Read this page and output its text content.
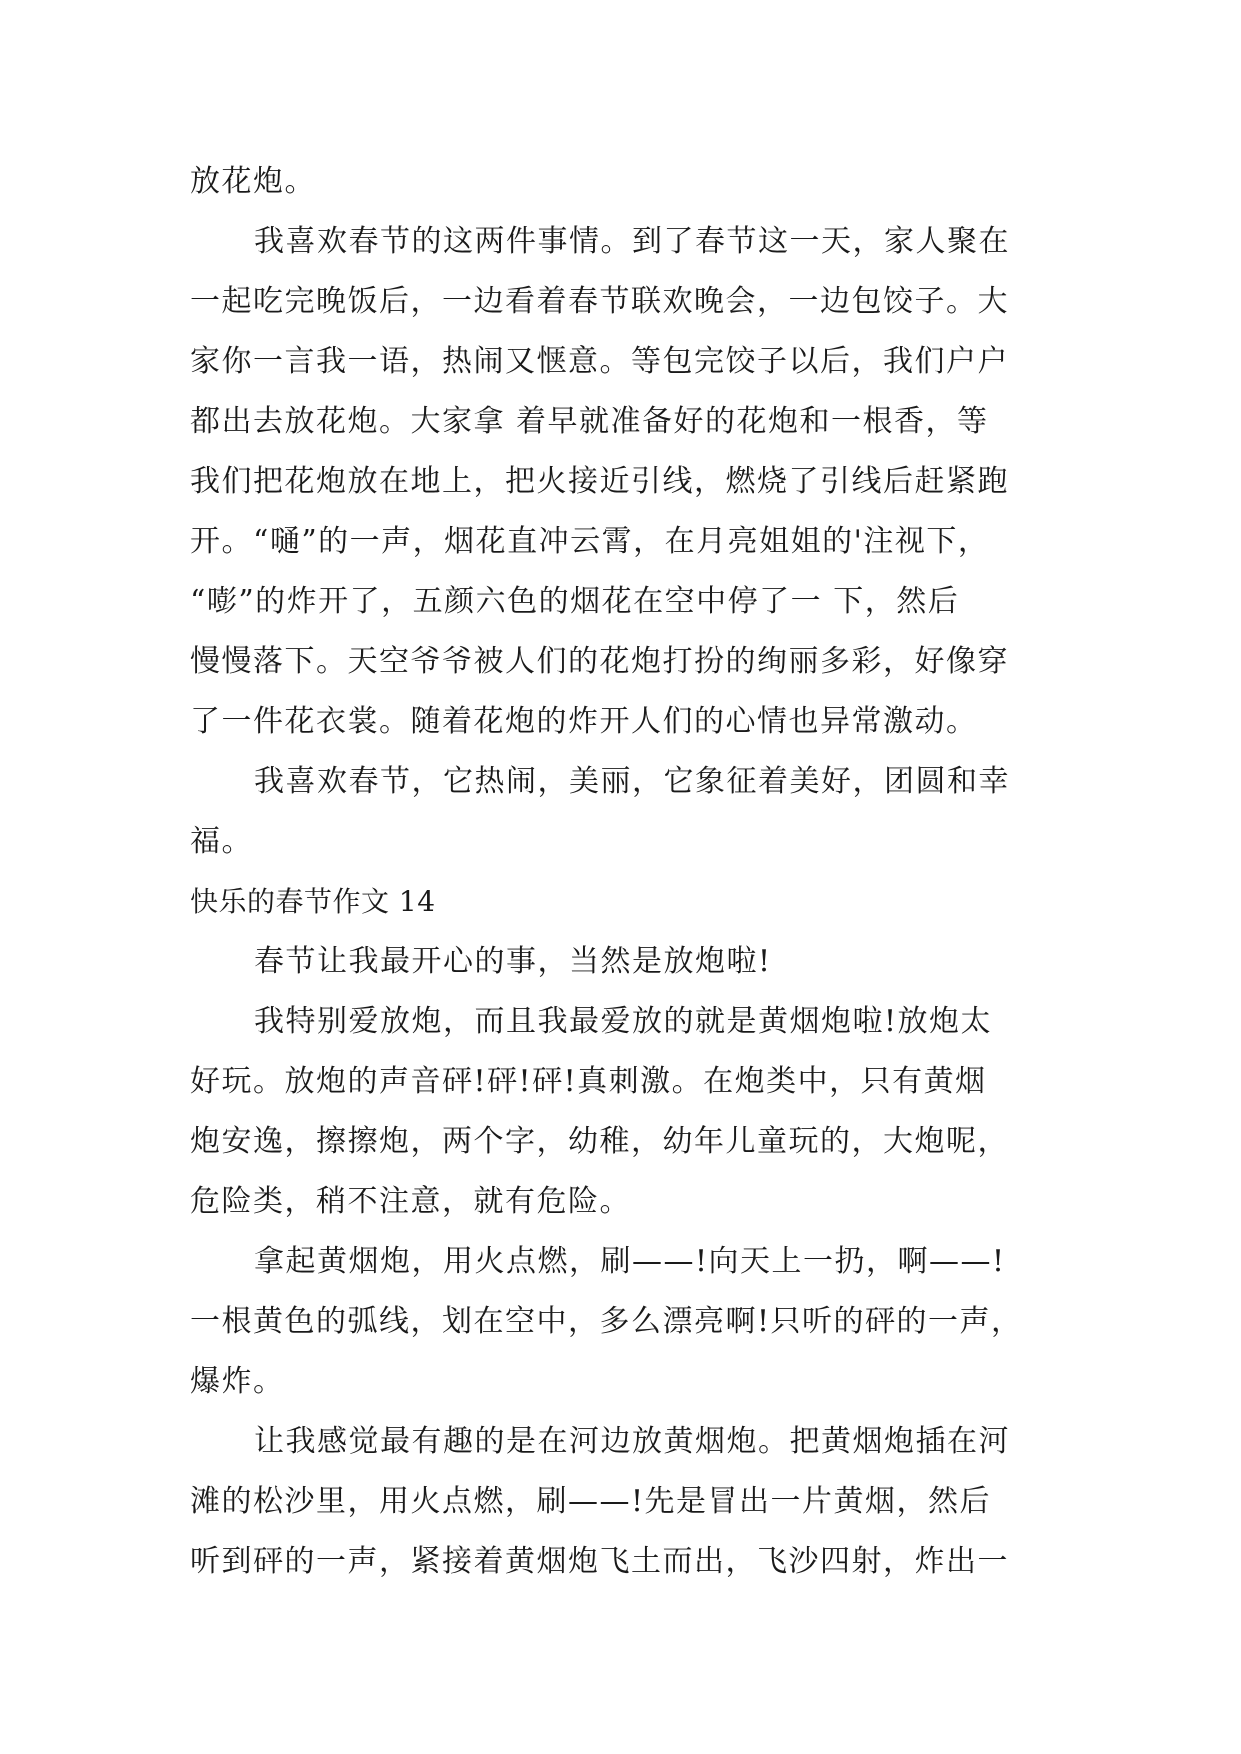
放花炮。
我喜欢春节的这两件事情。到了春节这一天，家人聚在
一起吃完晚饭后，一边看着春节联欢晚会，一边包饺子。大
家你一言我一语，热闹又惬意。等包完饺子以后，我们户户
都出去放花炮。大家拿 着早就准备好的花炮和一根香，等
我们把花炮放在地上，把火接近引线，燃烧了引线后赶紧跑
开。“嗵”的一声，烟花直冲云霄，在月亮姐姐的'注视下，
“嘭”的炸开了，五颜六色的烟花在空中停了一 下，然后
慢慢落下。天空爷爷被人们的花炮打扮的绚丽多彩，好像穿
了一件花衣裳。随着花炮的炸开人们的心情也异常激动。
我喜欢春节，它热闹，美丽，它象征着美好，团圆和幸
福。
快乐的春节作文 14
春节让我最开心的事，当然是放炮啦!
我特别爱放炮，而且我最爱放的就是黄烟炮啦!放炮太
好玩。放炮的声音砰!砰!砰!真刺激。在炮类中，只有黄烟
炮安逸，擦擦炮，两个字，幼稚，幼年儿童玩的，大炮呢，
危险类，稍不注意，就有危险。
拿起黄烟炮，用火点燃，刷——!向天上一扔，啊——!
一根黄色的弧线，划在空中，多么漂亮啊!只听的砰的一声，
爆炸。
让我感觉最有趣的是在河边放黄烟炮。把黄烟炮插在河
滩的松沙里，用火点燃，刷——!先是冒出一片黄烟，然后
听到砰的一声，紧接着黄烟炮飞土而出，飞沙四射，炸出一
